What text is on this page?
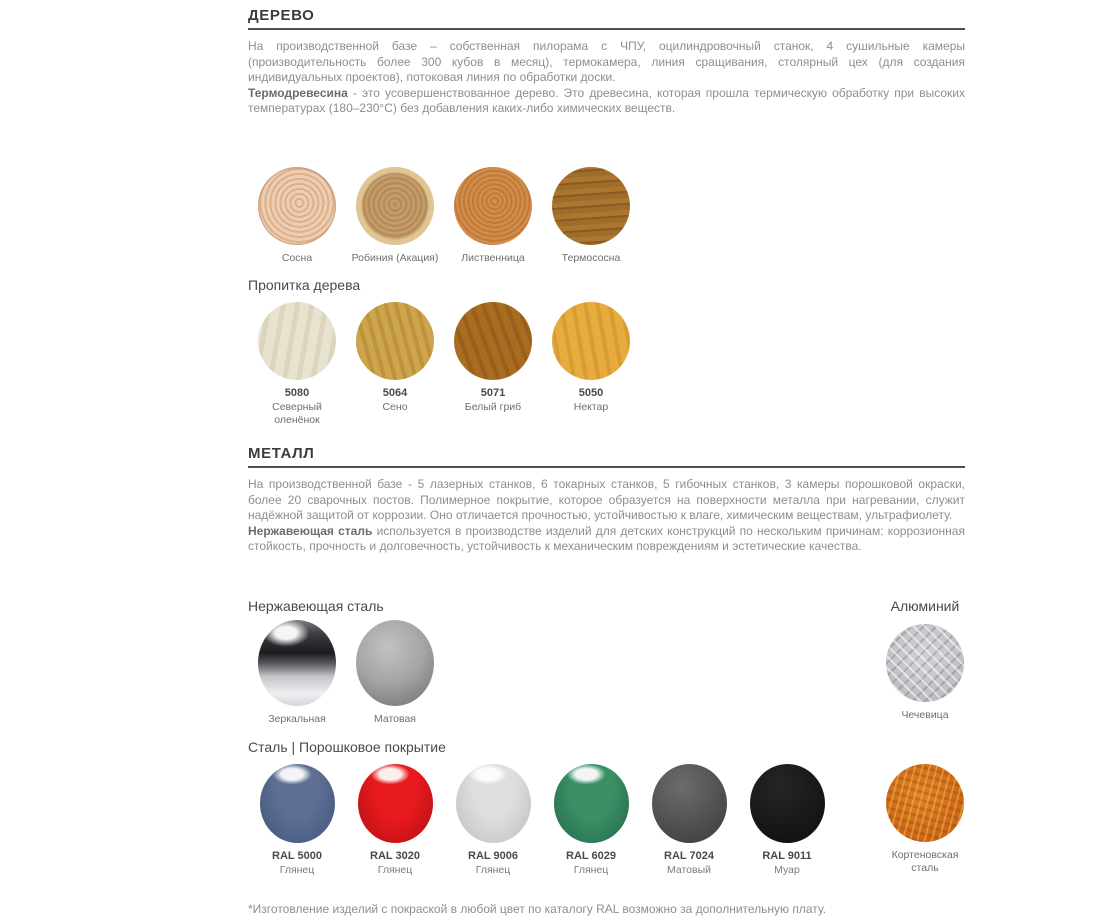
ДЕРЕВО
На производственной базе – собственная пилорама с ЧПУ, оцилиндровочный станок, 4 сушильные камеры (производительность более 300 кубов в месяц), термокамера, линия сращивания, столярный цех (для создания индивидуальных проектов), потоковая линия по обработки доски.
Термодревесина - это усовершенствованное дерево. Это древесина, которая прошла термическую обработку при высоких температурах (180–230°С) без добавления каких-либо химических веществ.
Сосна	Робиния (Акация) Лиственница	Термососна
Пропитка дерева
5080
Северный оленёнок
5064
Сено
5071
Белый гриб
5050
Нектар
МЕТАЛЛ
На производственной базе - 5 лазерных станков, 6 токарных станков, 5 гибочных станков, 3 камеры порошковой окраски, более 20 сварочных постов. Полимерное покрытие, которое образуется на поверхности металла при нагревании, служит надёжной защитой от коррозии. Оно отличается прочностью, устойчивостью к влаге, химическим веществам, ультрафиолету.
Нержавеющая сталь используется в производстве изделий для детских конструкций по нескольким причинам: коррозионная стойкость, прочность и долговечность, устойчивость к механическим повреждениям и эстетические качества.
Нержавеющая сталь	Алюминий
Зеркальная	Матовая	Чечевица
Сталь | Порошковое покрытие
RAL 5000
Глянец
RAL 3020
Глянец
RAL 9006
Глянец
RAL 6029
Глянец
RAL 7024
Матовый
RAL 9011
Муар
Кортеновская сталь
*Изготовление изделий с покраской в любой цвет по каталогу RAL возможно за дополнительную плату.
